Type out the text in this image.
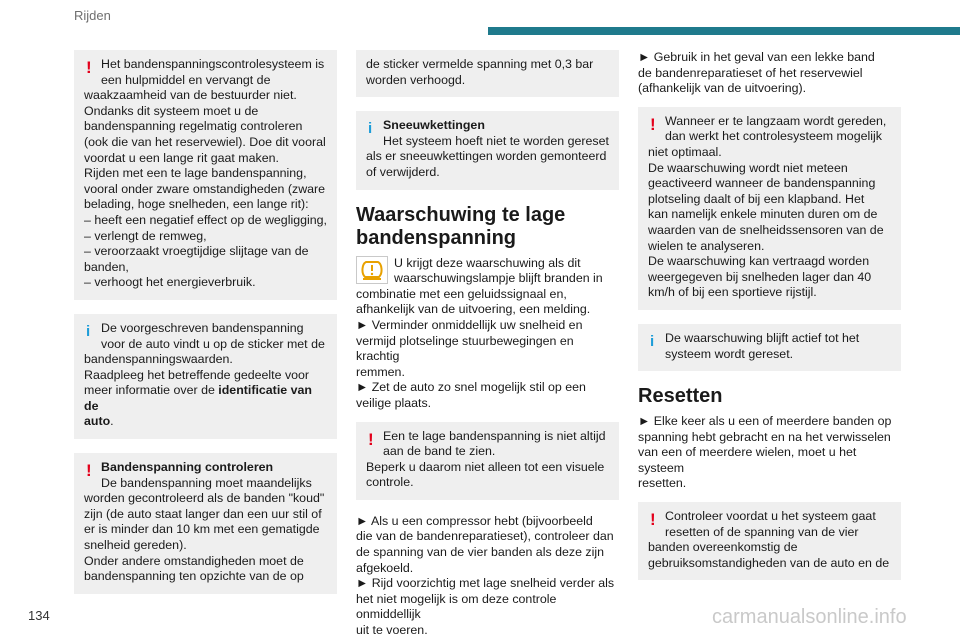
Rijden
! Het bandenspanningscontrolesysteem is
een hulpmiddel en vervangt de
waakzaamheid van de bestuurder niet.
Ondanks dit systeem moet u de
bandenspanning regelmatig controleren
(ook die van het reservewiel). Doe dit vooral
voordat u een lange rit gaat maken.
Rijden met een te lage bandenspanning,
vooral onder zware omstandigheden (zware
belading, hoge snelheden, een lange rit):
– heeft een negatief effect op de wegligging,
– verlengt de remweg,
– veroorzaakt vroegtijdige slijtage van de
banden,
– verhoogt het energieverbruik.
i De voorgeschreven bandenspanning
voor de auto vindt u op de sticker met de
bandenspanningswaarden.
Raadpleeg het betreffende gedeelte voor
meer informatie over de identificatie van de
auto.
! Bandenspanning controleren
De bandenspanning moet maandelijks
worden gecontroleerd als de banden "koud"
zijn (de auto staat langer dan een uur stil of
er is minder dan 10 km met een gematigde
snelheid gereden).
Onder andere omstandigheden moet de
bandenspanning ten opzichte van de op
de sticker vermelde spanning met 0,3 bar
worden verhoogd.
i Sneeuwkettingen
Het systeem hoeft niet te worden gereset
als er sneeuwkettingen worden gemonteerd
of verwijderd.
Waarschuwing te lage
bandenspanning
U krijgt deze waarschuwing als dit
waarschuwingslampje blijft branden in
combinatie met een geluidssignaal en,
afhankelijk van de uitvoering, een melding.
► Verminder onmiddellijk uw snelheid en
vermijd plotselinge stuurbewegingen en krachtig
remmen.
► Zet de auto zo snel mogelijk stil op een
veilige plaats.
! Een te lage bandenspanning is niet altijd
aan de band te zien.
Beperk u daarom niet alleen tot een visuele
controle.
► Als u een compressor hebt (bijvoorbeeld
die van de bandenreparatieset), controleer dan
de spanning van de vier banden als deze zijn
afgekoeld.
► Rijd voorzichtig met lage snelheid verder als
het niet mogelijk is om deze controle onmiddellijk
uit te voeren.
► Gebruik in het geval van een lekke band
de bandenreparatieset of het reservewiel
(afhankelijk van de uitvoering).
! Wanneer er te langzaam wordt gereden,
dan werkt het controlesysteem mogelijk
niet optimaal.
De waarschuwing wordt niet meteen
geactiveerd wanneer de bandenspanning
plotseling daalt of bij een klapband. Het
kan namelijk enkele minuten duren om de
waarden van de snelheidssensoren van de
wielen te analyseren.
De waarschuwing kan vertraagd worden
weergegeven bij snelheden lager dan 40
km/h of bij een sportieve rijstijl.
i De waarschuwing blijft actief tot het
systeem wordt gereset.
Resetten
► Elke keer als u een of meerdere banden op
spanning hebt gebracht en na het verwisselen
van een of meerdere wielen, moet u het systeem
resetten.
! Controleer voordat u het systeem gaat
resetten of de spanning van de vier
banden overeenkomstig de
gebruiksomstandigheden van de auto en de
134	carmanualsonline.info
